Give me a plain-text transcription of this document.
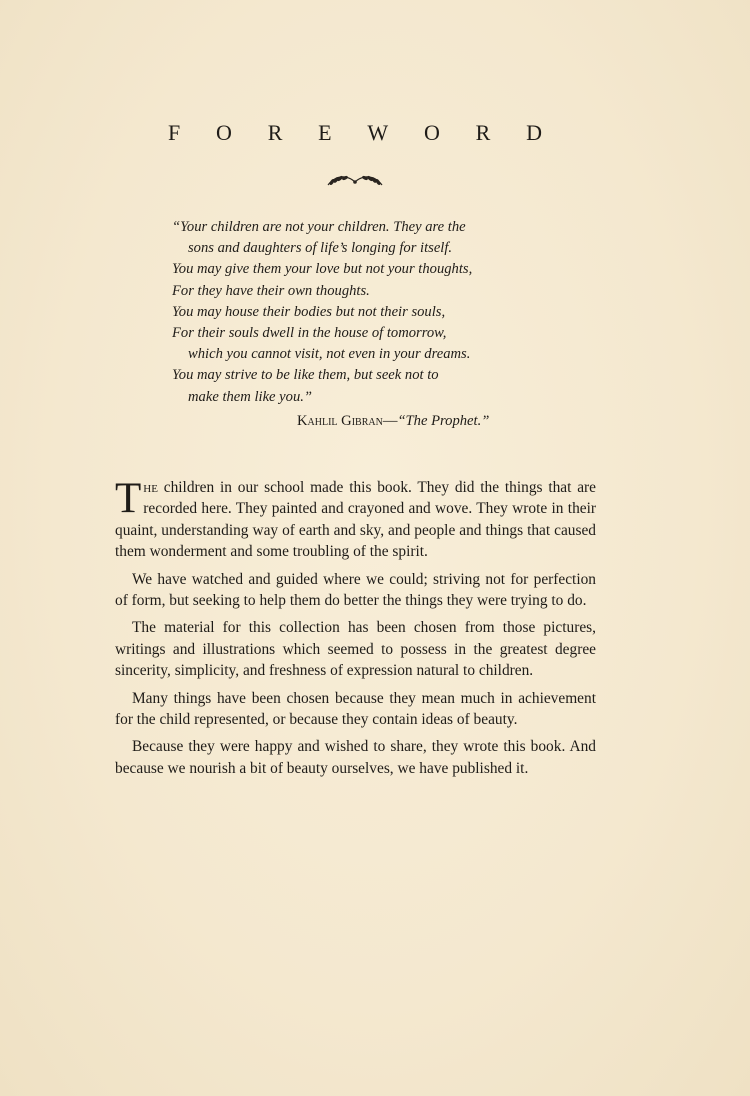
F O R E W O R D
“Your children are not your children. They are the
sons and daughters of life’s longing for itself.
You may give them your love but not your thoughts,
For they have their own thoughts.
You may house their bodies but not their souls,
For their souls dwell in the house of tomorrow,
which you cannot visit, not even in your dreams.
You may strive to be like them, but seek not to
make them like you.”
Kahlil Gibran—“The Prophet.”

The children in our school made this book. They did the things that are recorded here. They painted and crayoned and wove. They wrote in their quaint, understanding way of earth and sky, and people and things that caused them wonderment and some troubling of the spirit.

We have watched and guided where we could; striving not for perfection of form, but seeking to help them do better the things they were trying to do.

The material for this collection has been chosen from those pictures, writings and illustrations which seemed to possess in the greatest degree sincerity, simplicity, and freshness of expression natural to children.

Many things have been chosen because they mean much in achievement for the child represented, or because they contain ideas of beauty.

Because they were happy and wished to share, they wrote this book. And because we nourish a bit of beauty ourselves, we have published it.
